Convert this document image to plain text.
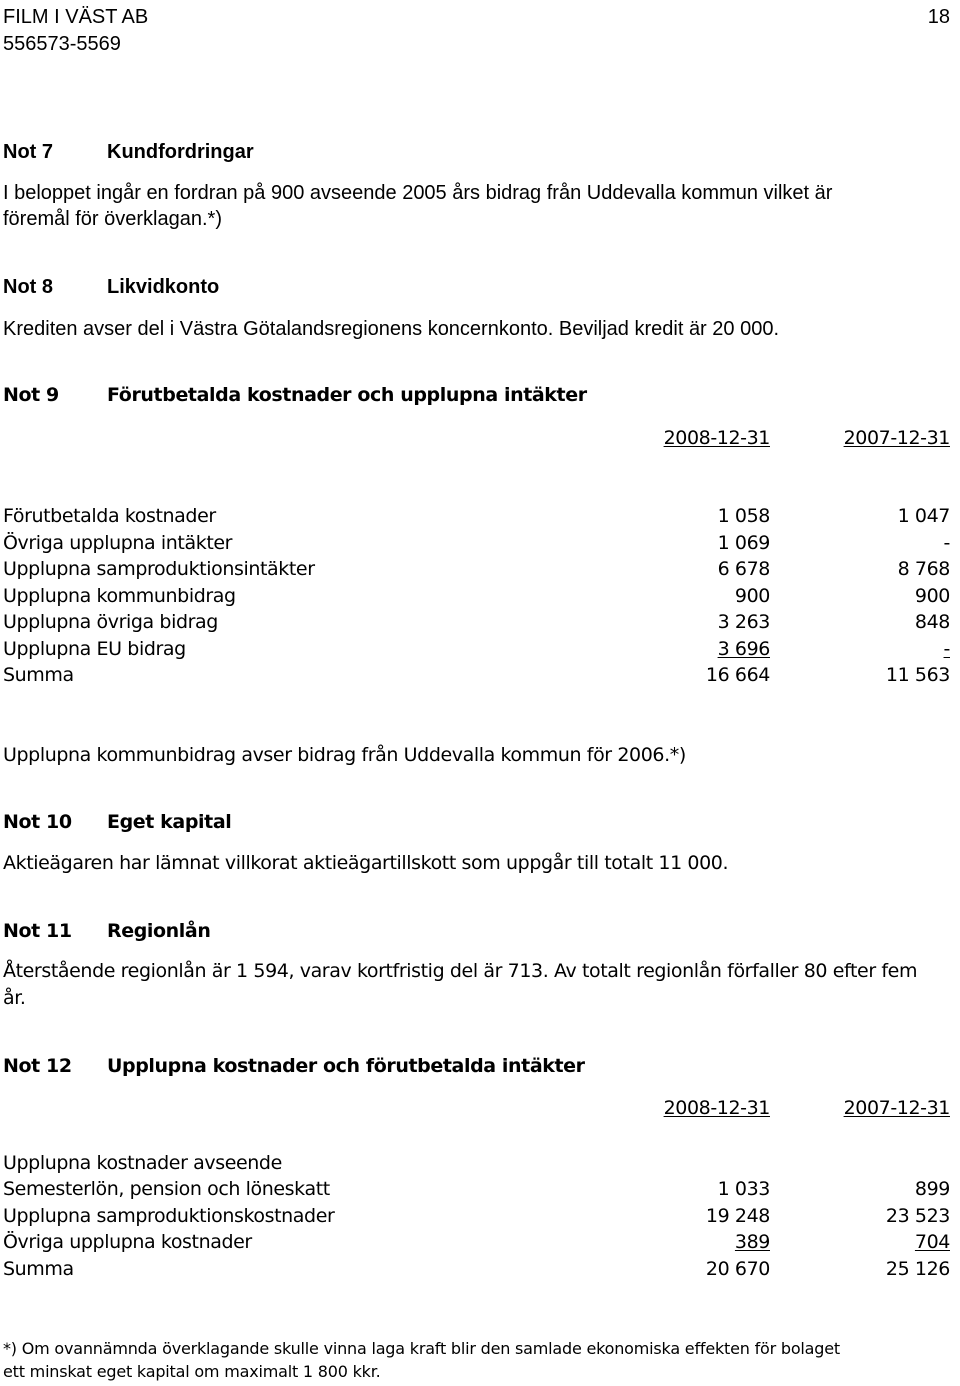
FILM I VÄST AB
556573-5569
18
Not 7	Kundfordringar
I beloppet ingår en fordran på 900 avseende 2005 års bidrag från Uddevalla kommun vilket är
föremål för överklagan.*)
Not 8	Likvidkonto
Krediten avser del i Västra Götalandsregionens koncernkonto. Beviljad kredit är 20 000.
Not 9	Förutbetalda kostnader och upplupna intäkter
2008-12-31	2007-12-31
Förutbetalda kostnader	1 058	1 047
Övriga upplupna intäkter	1 069	-
Upplupna samproduktionsintäkter	6 678	8 768
Upplupna kommunbidrag	900	900
Upplupna övriga bidrag	3 263	848
Upplupna EU bidrag	3 696	-
Summa	16 664	11 563
Upplupna kommunbidrag avser bidrag från Uddevalla kommun för 2006.*)
Not 10 Eget kapital
Aktieägaren har lämnat villkorat aktieägartillskott som uppgår till totalt 11 000.
Not 11 Regionlån
Återstående regionlån är 1 594, varav kortfristig del är 713. Av totalt regionlån förfaller 80 efter fem
år.
Not 12 Upplupna kostnader och förutbetalda intäkter
2008-12-31	2007-12-31
Upplupna kostnader avseende
Semesterlön, pension och löneskatt	1 033	899
Upplupna samproduktionskostnader	19 248	23 523
Övriga upplupna kostnader	389	704
Summa	20 670	25 126
*) Om ovannämnda överklagande skulle vinna laga kraft blir den samlade ekonomiska effekten för bolaget
ett minskat eget kapital om maximalt 1 800 kkr.
